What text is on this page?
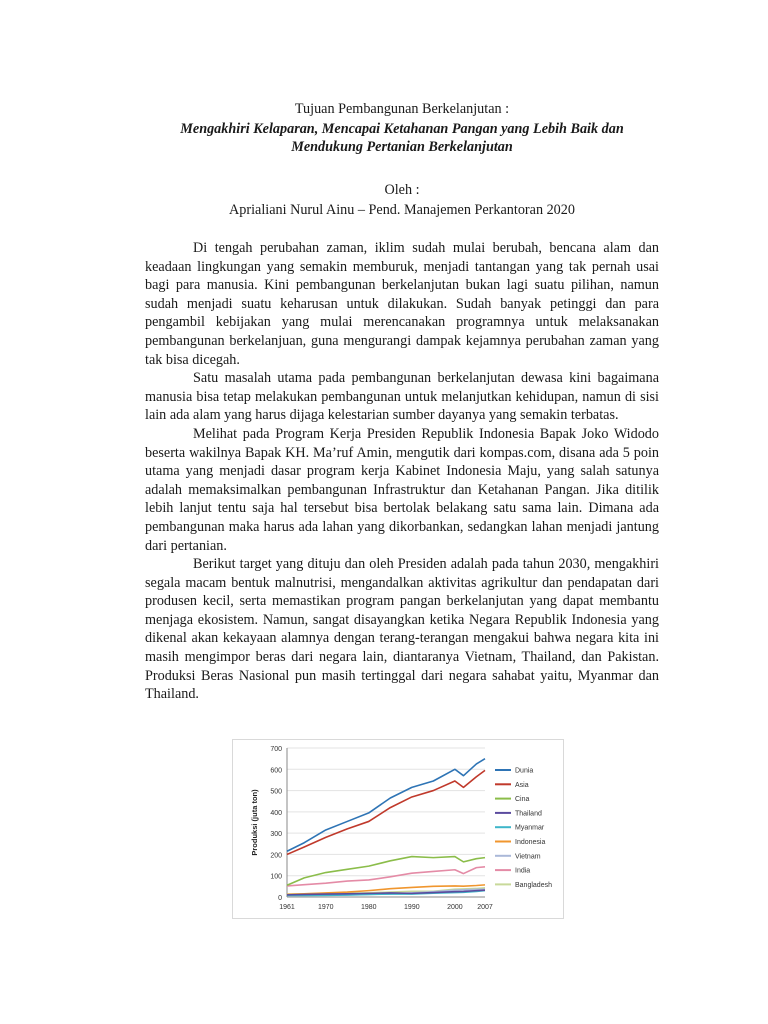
Tujuan Pembangunan Berkelanjutan :
Mengakhiri Kelaparan, Mencapai Ketahanan Pangan yang Lebih Baik dan Mendukung Pertanian Berkelanjutan
Oleh :
Aprialiani Nurul Ainu – Pend. Manajemen Perkantoran 2020

Di tengah perubahan zaman, iklim sudah mulai berubah, bencana alam dan keadaan lingkungan yang semakin memburuk, menjadi tantangan yang tak pernah usai bagi para manusia. Kini pembangunan berkelanjutan bukan lagi suatu pilihan, namun sudah menjadi suatu keharusan untuk dilakukan. Sudah banyak petinggi dan para pengambil kebijakan yang mulai merencanakan programnya untuk melaksanakan pembangunan berkelanjuan, guna mengurangi dampak kejamnya perubahan zaman yang tak bisa dicegah.

Satu masalah utama pada pembangunan berkelanjutan dewasa kini bagaimana manusia bisa tetap melakukan pembangunan untuk melanjutkan kehidupan, namun di sisi lain ada alam yang harus dijaga kelestarian sumber dayanya yang semakin terbatas.

Melihat pada Program Kerja Presiden Republik Indonesia Bapak Joko Widodo beserta wakilnya Bapak KH. Ma’ruf Amin, mengutik dari kompas.com, disana ada 5 poin utama yang menjadi dasar program kerja Kabinet Indonesia Maju, yang salah satunya adalah memaksimalkan pembangunan Infrastruktur dan Ketahanan Pangan. Jika ditilik lebih lanjut tentu saja hal tersebut bisa bertolak belakang satu sama lain. Dimana ada pembangunan maka harus ada lahan yang dikorbankan, sedangkan lahan menjadi jantung dari pertanian.

Berikut target yang dituju dan oleh Presiden adalah pada tahun 2030, mengakhiri segala macam bentuk malnutrisi, mengandalkan aktivitas agrikultur dan pendapatan dari produsen kecil, serta memastikan program pangan berkelanjutan yang dapat membantu menjaga ekosistem. Namun, sangat disayangkan ketika Negara Republik Indonesia yang dikenal akan kekayaan alamnya dengan terang-terangan mengakui bahwa negara kita ini masih mengimpor beras dari negara lain, diantaranya Vietnam, Thailand, dan Pakistan. Produksi Beras Nasional pun masih tertinggal dari negara sahabat yaitu, Myanmar dan Thailand.

0
100
200
300
400
500
600
700
1961	1970	1980	1990	2000 2007
Produksi (juta ton)
Dunia
Asia
Cina
Thailand
Myanmar
Indonesia
Vietnam
India
Bangladesh
